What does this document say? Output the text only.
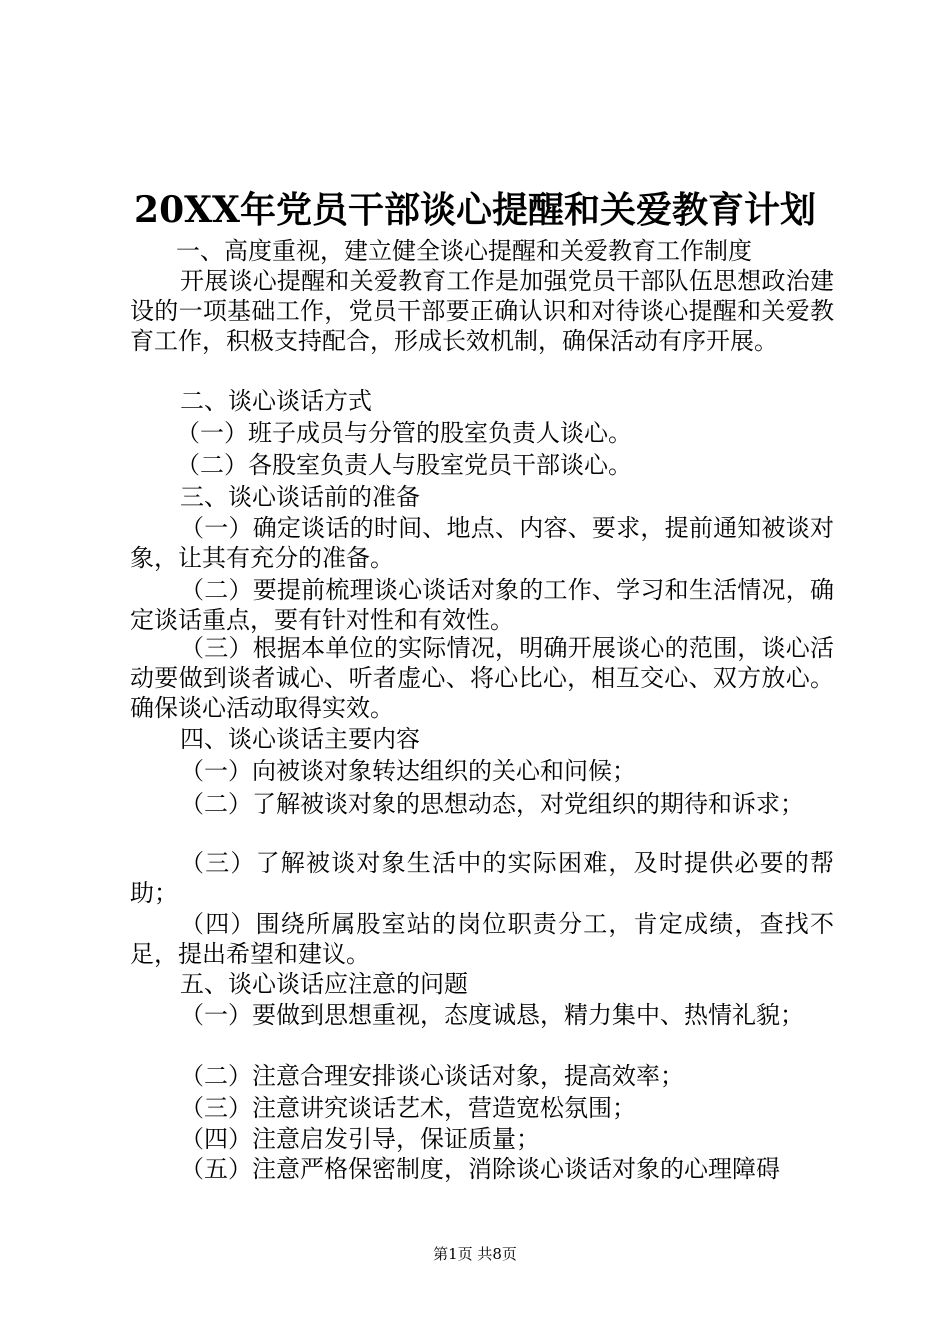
20XX年党员干部谈心提醒和关爱教育计划
一、高度重视，建立健全谈心提醒和关爱教育工作制度
开展谈心提醒和关爱教育工作是加强党员干部队伍思想政治建设的一项基础工作，党员干部要正确认识和对待谈心提醒和关爱教育工作，积极支持配合，形成长效机制，确保活动有序开展。
二、谈心谈话方式
（一）班子成员与分管的股室负责人谈心。
（二）各股室负责人与股室党员干部谈心。
三、谈心谈话前的准备
（一）确定谈话的时间、地点、内容、要求，提前通知被谈对象，让其有充分的准备。
（二）要提前梳理谈心谈话对象的工作、学习和生活情况，确定谈话重点，要有针对性和有效性。
（三）根据本单位的实际情况，明确开展谈心的范围，谈心活动要做到谈者诚心、听者虚心、将心比心，相互交心、双方放心。确保谈心活动取得实效。
四、谈心谈话主要内容
（一）向被谈对象转达组织的关心和问候；
（二）了解被谈对象的思想动态，对党组织的期待和诉求；
（三）了解被谈对象生活中的实际困难，及时提供必要的帮助；
（四）围绕所属股室站的岗位职责分工，肯定成绩，查找不足，提出希望和建议。
五、谈心谈话应注意的问题
（一）要做到思想重视，态度诚恳，精力集中、热情礼貌；
（二）注意合理安排谈心谈话对象，提高效率；
（三）注意讲究谈话艺术，营造宽松氛围；
（四）注意启发引导，保证质量；
（五）注意严格保密制度，消除谈心谈话对象的心理障碍
第1页 共8页
